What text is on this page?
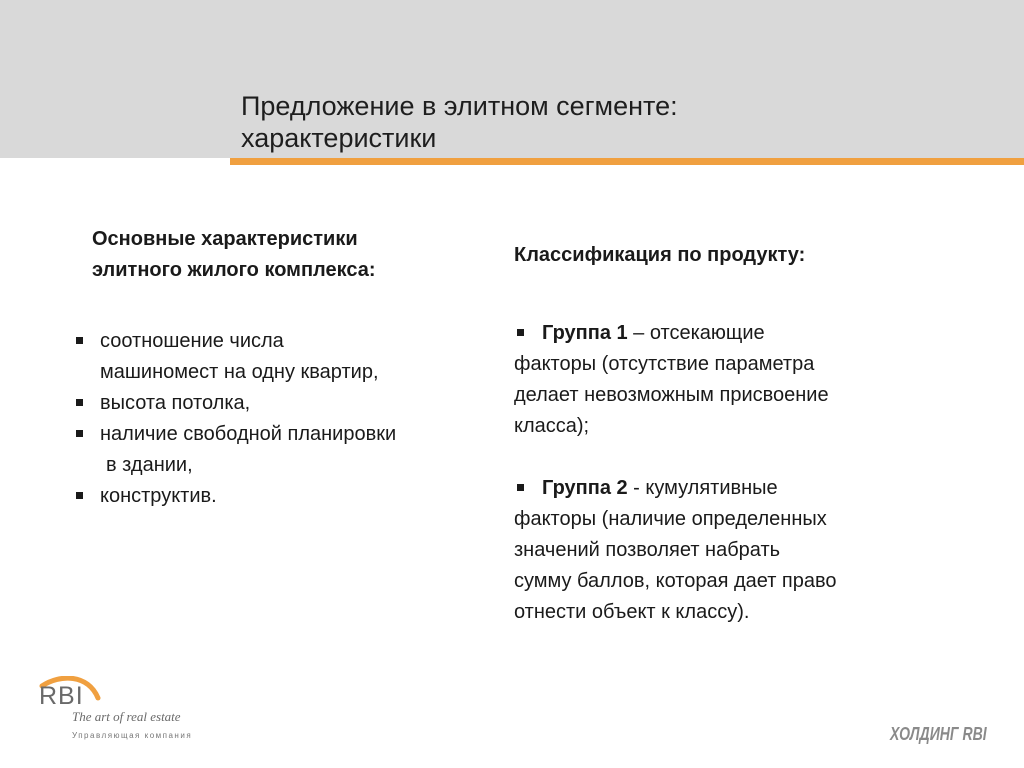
Предложение в элитном сегменте:
характеристики
Основные характеристики
элитного жилого комплекса:
соотношение числа
машиномест на одну квартир,
высота потолка,
наличие свободной планировки
в здании,
конструктив.
Классификация по продукту:
Группа 1 – отсекающие
факторы (отсутствие параметра
делает невозможным присвоение
класса);
Группа 2 - кумулятивные
факторы (наличие определенных
значений позволяет набрать
сумму баллов, которая дает право
отнести объект к классу).
RBI
The art of real estate
Управляющая компания	ХОЛДИНГ RBI
